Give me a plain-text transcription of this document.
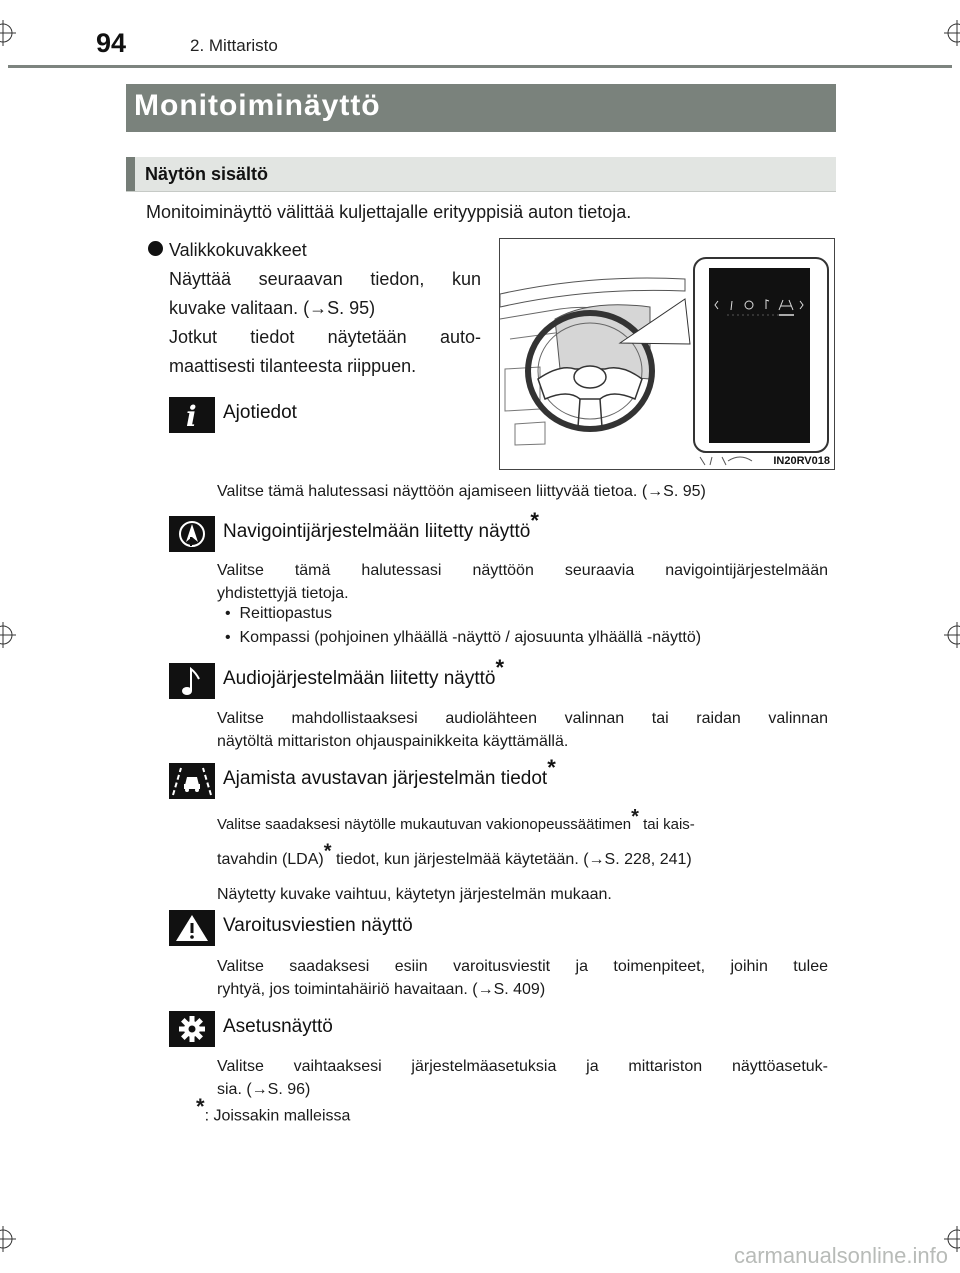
94	2. Mittaristo
Monitoiminäyttö
Näytön sisältö
Monitoiminäyttö välittää kuljettajalle erityyppisiä auton tietoja.
Valikkokuvakkeet
Näyttää seuraavan tiedon, kun
kuvake valitaan. (→S. 95)
Jotkut tiedot näytetään auto-
maattisesti tilanteesta riippuen.
IN20RV018
i Ajotiedot
Valitse tämä halutessasi näyttöön ajamiseen liittyvää tietoa. (→S. 95)
Navigointijärjestelmään liitetty näyttö*
Valitse tämä halutessasi näyttöön seuraavia navigointijärjestelmään
yhdistettyjä tietoja.
•  Reittiopastus
•  Kompassi (pohjoinen ylhäällä -näyttö / ajosuunta ylhäällä -näyttö)
Audiojärjestelmään liitetty näyttö*
Valitse mahdollistaaksesi audiolähteen valinnan tai raidan valinnan
näytöltä mittariston ohjauspainikkeita käyttämällä.
Ajamista avustavan järjestelmän tiedot*
Valitse saadaksesi näytölle mukautuvan vakionopeussäätimen* tai kais-
tavahdin (LDA)* tiedot, kun järjestelmää käytetään. (→S. 228, 241)
Näytetty kuvake vaihtuu, käytetyn järjestelmän mukaan.
Varoitusviestien näyttö
Valitse saadaksesi esiin varoitusviestit ja toimenpiteet, joihin tulee
ryhtyä, jos toimintahäiriö havaitaan. (→S. 409)
Asetusnäyttö
Valitse vaihtaaksesi järjestelmäasetuksia ja mittariston näyttöasetuk-
sia. (→S. 96)
*: Joissakin malleissa
carmanualsonline.info
